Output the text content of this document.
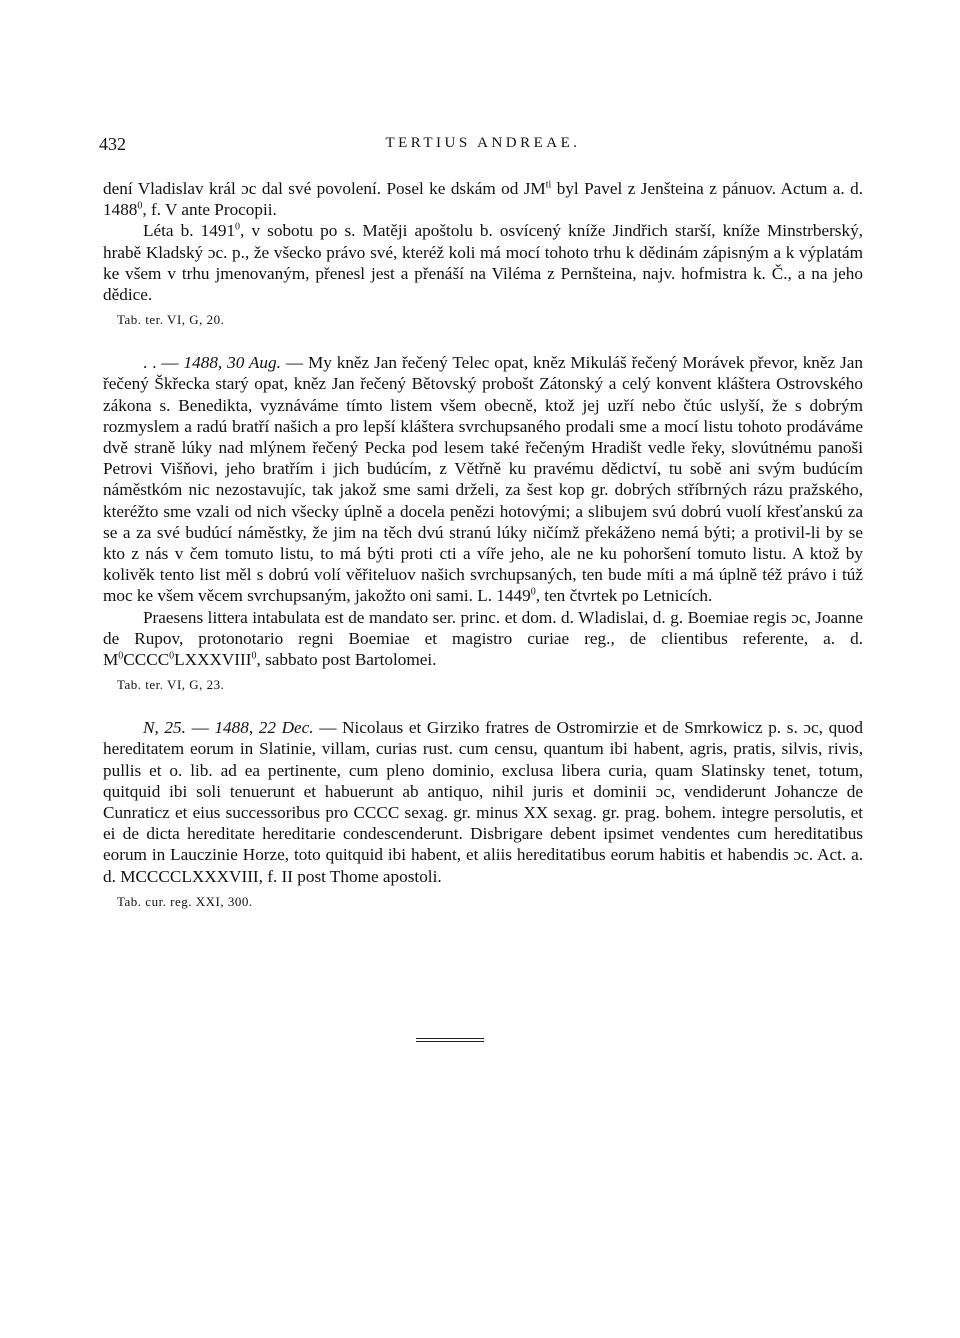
432	TERTIUS ANDREAE.

dení Vladislav král ɔc dal své povolení. Posel ke dskám od $JM^{ti}$ byl Pavel z Jenšteina z pánuov. Actum a. d. 1488$^0$, f. V ante Procopii.

Léta b. 1491$^0$, v sobotu po s. Matěji apoštolu b. osvícený kníže Jindřich starší, kníže Minstrberský, hrabě Kladský ɔc. p., že všecko právo své, kteréž koli má mocí tohoto trhu k dědinám zápisným a k výplatám ke všem v trhu jmenovaným, přenesl jest a přenáší na Viléma z Pernšteina, najv. hofmistra k. Č., a na jeho dědice.

Tab. ter. VI, G, 20.

. . — 1488, 30 Aug. — My kněz Jan řečený Telec opat, kněz Mikuláš řečený Morávek převor, kněz Jan řečený Škřecka starý opat, kněz Jan řečený Bětovský probošt Zátonský a celý konvent kláštera Ostrovského zákona s. Benedikta, vyznáváme tímto listem všem obecně, ktož jej uzří nebo čtúc uslyší, že s dobrým rozmyslem a radú bratří našich a pro lepší kláštera svrchupsaného prodali sme a mocí listu tohoto prodáváme dvě straně lúky nad mlýnem řečený Pecka pod lesem také řečeným Hradišt vedle řeky, slovútnému panoši Petrovi Višňovi, jeho bratřím i jich budúcím, z Větřně ku pravému dědictví, tu sobě ani svým budúcím náměstkóm nic nezostavujíc, tak jakož sme sami drželi, za šest kop gr. dobrých stříbrných rázu pražského, kteréžto sme vzali od nich všecky úplně a docela penězi hotovými; a slibujem svú dobrú vuolí křesťanskú za se a za své budúcí náměstky, že jim na těch dvú stranú lúky ničímž překáženo nemá býti; a protivil-li by se kto z nás v čem tomuto listu, to má býti proti cti a víře jeho, ale ne ku pohoršení tomuto listu. A ktož by kolivěk tento list měl s dobrú volí věřiteluov našich svrchupsaných, ten bude míti a má úplně též právo i túž moc ke všem věcem svrchupsaným, jakožto oni sami. L. 1449$^0$, ten čtvrtek po Letnicích.

Praesens littera intabulata est de mandato ser. princ. et dom. d. Wladislai, d. g. Boemiae regis ɔc, Joanne de Rupov, protonotario regni Boemiae et magistro curiae reg., de clientibus referente, a. d. $M^0CCCC^0LXXXVIII^0$, sabbato post Bartolomei.

Tab. ter. VI, G, 23.

N, 25. — 1488, 22 Dec. — Nicolaus et Girziko fratres de Ostromirzie et de Smrkowicz p. s. ɔc, quod hereditatem eorum in Slatinie, villam, curias rust. cum censu, quantum ibi habent, agris, pratis, silvis, rivis, pullis et o. lib. ad ea pertinente, cum pleno dominio, exclusa libera curia, quam Slatinsky tenet, totum, quitquid ibi soli tenuerunt et habuerunt ab antiquo, nihil juris et dominii ɔc, vendiderunt Johancze de Cunraticz et eius successoribus pro CCCC sexag. gr. minus XX sexag. gr. prag. bohem. integre persolutis, et ei de dicta hereditate hereditarie condescenderunt. Disbrigare debent ipsimet vendentes cum hereditatibus eorum in Lauczinie Horze, toto quitquid ibi habent, et aliis hereditatibus eorum habitis et habendis ɔc. Act. a. d. MCCCCLXXXVIII, f. II post Thome apostoli.

Tab. cur. reg. XXI, 300.
